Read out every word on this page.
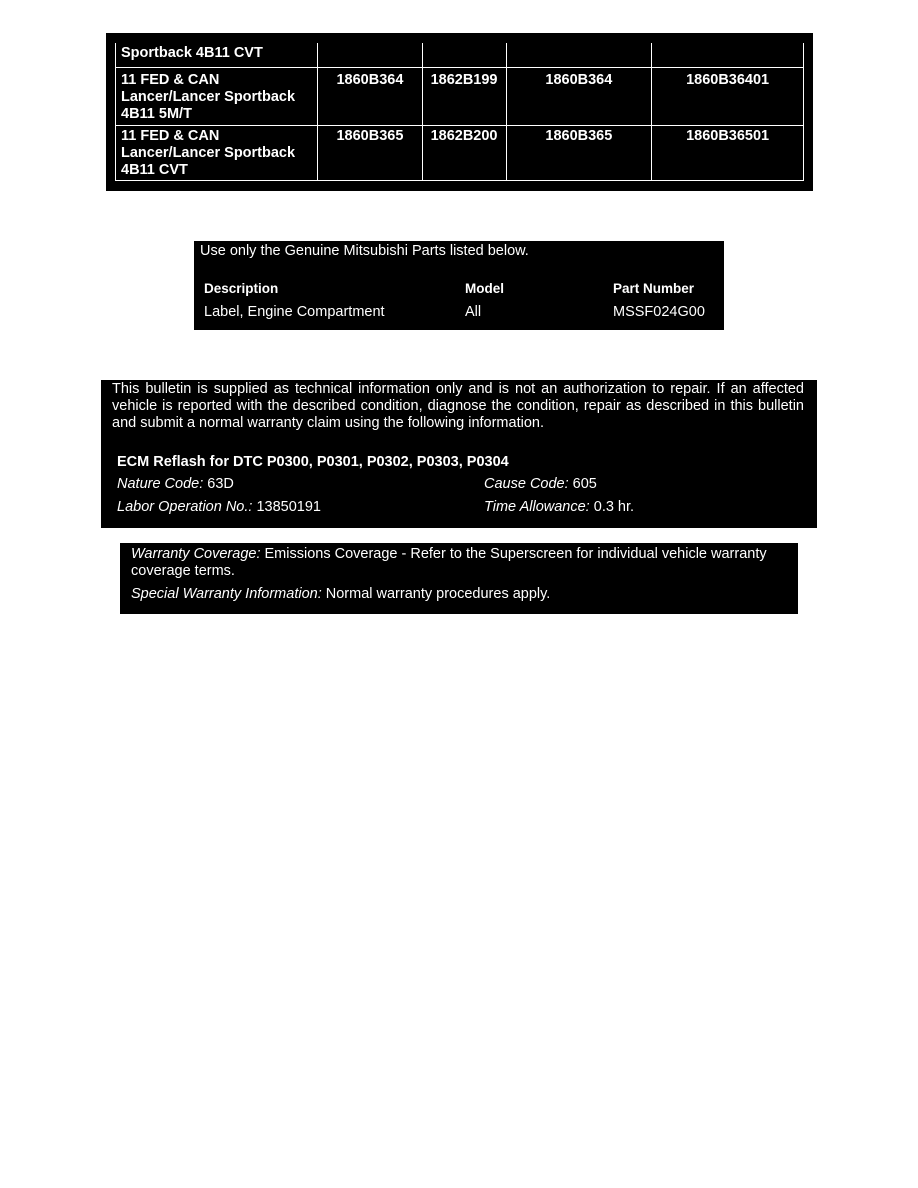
Sportback 4B11 CVT				
11 FED & CAN Lancer/Lancer Sportback 4B11 5M/T	1860B364	1862B199	1860B364	1860B36401
11 FED & CAN Lancer/Lancer Sportback 4B11 CVT	1860B365	1862B200	1860B365	1860B36501
Use only the Genuine Mitsubishi Parts listed below.
Description	Model	Part Number
Label, Engine Compartment	All	MSSF024G00

This bulletin is supplied as technical information only and is not an authorization to repair. If an affected vehicle is reported with the described condition, diagnose the condition, repair as described in this bulletin and submit a normal warranty claim using the following information.

ECM Reflash for DTC P0300, P0301, P0302, P0303, P0304
Nature Code: 63D	Cause Code: 605
Labor Operation No.: 13850191	Time Allowance: 0.3 hr.

Warranty Coverage: Emissions Coverage - Refer to the Superscreen for individual vehicle warranty coverage terms.

Special Warranty Information: Normal warranty procedures apply.
